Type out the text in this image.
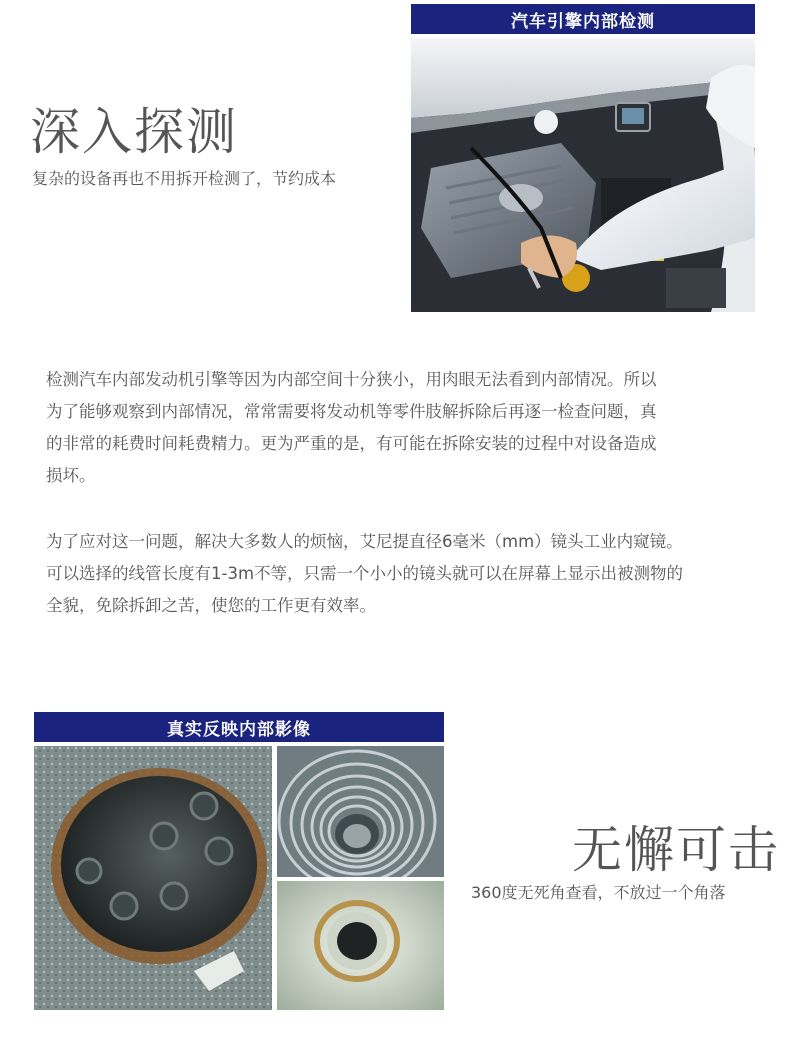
深入探测
复杂的设备再也不用拆开检测了，节约成本
汽车引擎内部检测
检测汽车内部发动机引擎等因为内部空间十分狭小，用肉眼无法看到内部情况。所以
为了能够观察到内部情况，常常需要将发动机等零件肢解拆除后再逐一检查问题，真
的非常的耗费时间耗费精力。更为严重的是，有可能在拆除安装的过程中对设备造成
损坏。
为了应对这一问题，解决大多数人的烦恼，艾尼提直径6毫米（mm）镜头工业内窥镜。
可以选择的线管长度有1-3m不等，只需一个小小的镜头就可以在屏幕上显示出被测物的
全貌，免除拆卸之苦，使您的工作更有效率。
真实反映内部影像
无懈可击
360度无死角查看，不放过一个角落
